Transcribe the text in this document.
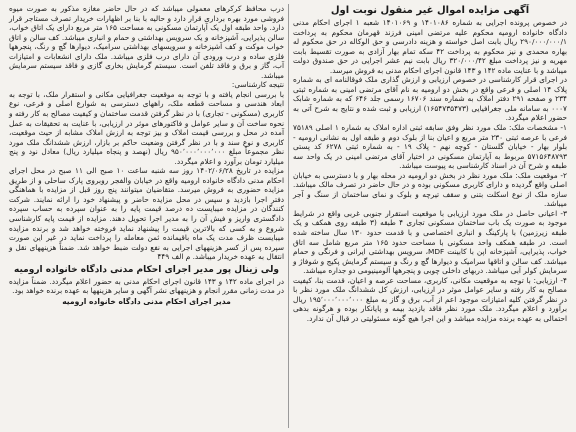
آگهی مزایده اموال غیر منقول نوبت اول

در خصوص پرونده اجرایی به شماره ۱۴۰۱۰۸۶ و ۱۴۰۱۰۶۹ شعبه ۱ اجرای احکام مدنی دادگاه خانواده ارومیه محکوم علیه مرتضی امینی فرزند قهرمان محکوم به پرداخت ۲۹۰/۰۰۰/۰۰۰/۱ ریال بابت اصل خواسته و هزینه دادرسی و حق الوکاله در حق محکوم له بهاره محمدی و نیز محکوم به پرداخت ۴۲ سکه تمام بهار آزادی به صورت تقسیط بابت مهریه و نیز پرداخت مبلغ ۳۲۰/۰۰۰/۴۲ ریال بابت نیم عشر اجرایی در حق صندوق دولت میباشد و با عنایت ماده ۱۴۲ و ۱۴۳ قانون اجرای احکام مدنی به فروش میرسد.

در اجرای قرار کارشناسی در خصوص ارزیابی و ارزش گذاری ملک فوقالنامه ای به شماره پلاک ۱۴ اصلی و فرعی واقع در بخش دو ارومیه به نام آقای مرتضی امینی به شماره ثبتی ۲۳۴ و صفحه ۲۹۱ دفتر املاک به شماره سند ۱۶۷۰۶ رسمی جلد ۶۴۶ که به شماره شابک ۰۰۰۷ به سامانه ملی جغرافیایی (۱۶۵۴۷۳۵۴۷۳) ارزیابی و ثبت شده و نتایج به شرح آتی به حضور اعلام میگردد.

۱- مشخصات ملک: ملک مورد نظر وفق سابقه ثبتی اداره املاک به شماره ۱ اصلی ۷۵۱۸۹ فرعی با عرصه ثبتی ۲۳۰ متر مربع و اعیان بنا از بلوک دوم و طبقه اول به نشانی ارومیه - بلوار بهار - خیابان گلستان - کوچه نهم - پلاک ۱۹ - به شماره ثبتی ۶۲۷۸ کد پستی ۵۷۱۵۶۴۸۷۹۳ مربوط به آپارتمان مسکونی در اختیار آقای مرتضی امینی در یک واحد سه طبقه و شرح آن در اسناد کارشناسی به پیوست میباشد.

۲- موقعیت ملک: ملک مورد نظر در بخش دو ارومیه در محله بهار و با دسترسی به خیابان اصلی واقع گردیده و دارای کاربری مسکونی بوده و در حال حاضر در تصرف مالک میباشد. سازه ملک از نوع اسکلت بتنی و سقف تیرچه و بلوک و نمای ساختمان از سنگ و آجر میباشد.

۳- اعیانی حاصل در ملک مورد ارزیابی با موقعیت استقرار جنوبی غربی واقع در شرایط موجود به صورت یک باب ساختمان مسکونی تجاری ۴ طبقه (۳ طبقه روی همکف و یک طبقه زیرزمین) با پارکینگ و انباری اختصاصی و با قدمت حدود ۱۳۰ سال ساخته شده است. در طبقه همکف واحد مسکونی با مساحت حدود ۱۶۵ متر مربع شامل سه اتاق خواب، پذیرایی، آشپزخانه اپن با کابینت MDF، سرویس بهداشتی ایرانی و فرنگی و حمام میباشد. کف سالن و اتاقها سرامیک و دیوارها گچ و رنگ و سیستم گرمایش پکیج و شوفاژ و سرمایش کولر آبی میباشد. دربهای داخلی چوبی و پنجرهها آلومینیومی دو جداره میباشد.

۴- ارزیابی: با توجه به موقعیت مکانی، کاربری، مساحت عرصه و اعیان، قدمت بنا، کیفیت مصالح به کار رفته و سایر عوامل موثر در ارزیابی، ارزش کل ششدانگ ملک مورد نظر با در نظر گرفتن کلیه امتیازات موجود اعم از آب، برق و گاز به مبلغ ۱۹۵٬۰۰۰٬۰۰۰٬۰۰۰ ریال برآورد و اعلام میگردد. ملک مورد نظر فاقد بازدید بیمه و پایانکار بوده و هرگونه بدهی احتمالی به عهده برنده مزایده میباشد و این اجرا هیچ گونه مسئولیتی در قبال آن ندارد.

درب محافظ کرکرهای معمولی میباشد که در حال حاضر مغازه مذکور به صورت میوه فروشی مورد بهره برداری قرار دارد و حالیه با بنا بر اظهارات خریدار تصرف مستاجر قرار دارد. واحد طبقه اول یک آپارتمان مسکونی به مساحت ۱۶۵ متر مربع دارای یک اتاق خواب، سالن پذیرایی، آشپزخانه و یک سرویس بهداشتی و حمام و انباری میباشد. کف سالن و اتاق خواب موکت و کف آشپزخانه و سرویسهای بهداشتی سرامیک، دیوارها گچ و رنگ، پنجرهها فلزی ساده و درب ورودی آن دارای درب فلزی میباشد. ملک دارای انشعابات و امتیازات آب، گاز و برق و فاقد تلفن است. سیستم گرمایش بخاری گازی و فاقد سیستم سرمایش میباشد.

نتیجه کارشناسی:

با بررسی انجام یافته و با توجه به موقعیت جغرافیایی مکانی و استقرار ملک، با توجه به ابعاد هندسی و مساحت قطعه ملک، راههای دسترسی به شوارع اصلی و فرعی، نوع کاربری (مسکونی - تجاری) با در نظر گرفتن قدمت ساختمان و کیفیت مصالح به کار رفته و نحوه ساخت آن و سایر عوامل و فاکتورهای موثر در ارزیابی، با عنایت به تحقیقات به عمل آمده در محل و بررسی قیمت املاک و بیز توجه به ارزش املاک مشابه از حیث موقعیت، کاربری و نوع سند و با در نظر گرفتن وضعیت حاکم بر بازار، ارزش ششدانگ ملک مورد نظر مجموعاً مبلغ ۹۵۰٬۰۰۰٬۰۰۰٬۰۰۰ ریال (نهصد و پنجاه میلیارد ریال) معادل نود و پنج میلیارد تومان برآورد و اعلام میگردد.

مزایده در تاریخ ۱۴۰۲/۰۶/۲۸ روز سه شنبه ساعت ۱۰ صبح الی ۱۱ صبح در محل اجرای احکام مدنی دادگاه خانواده ارومیه واقع در خیابان والفجر روبروی پارک ساحلی و از طریق مزایده حضوری به فروش میرسد. متقاضیان میتوانند پنج روز قبل از مزایده با هماهنگی دفتر اجرا بازدید و سپس در محل مزایده حاضر و پیشنهاد خود را ارائه نمایند. شرکت کنندگان در مزایده میبایست ده درصد قیمت پایه را به عنوان سپرده به حساب سپرده دادگستری واریز و فیش آن را به مدیر اجرا تحویل دهند. مزایده از قیمت پایه کارشناسی شروع و به کسی که بالاترین قیمت را پیشنهاد نماید فروخته خواهد شد و برنده مزایده میبایست ظرف مدت یک ماه باقیمانده ثمن معامله را پرداخت نماید در غیر این صورت سپرده پس از کسر هزینههای اجرایی به نفع دولت ضبط خواهد شد. ضمناً هزینههای نقل و انتقال به عهده خریدار میباشد. م الف ۴۴۹

ولی زینال پور مدیر اجرای احکام مدنی دادگاه خانواده ارومیه

در اجرای ماده ۱۴۲ و ۱۴۳ قانون اجرای احکام مدنی به حضور اعلام میگردد. ضمناً مزایده در مدت زمانی مقرر انجام و هزینههای نشر آگهی و سایر هزینهها به عهده برنده خواهد بود.

مدیر اجرای احکام مدنی دادگاه خانواده ارومیه
